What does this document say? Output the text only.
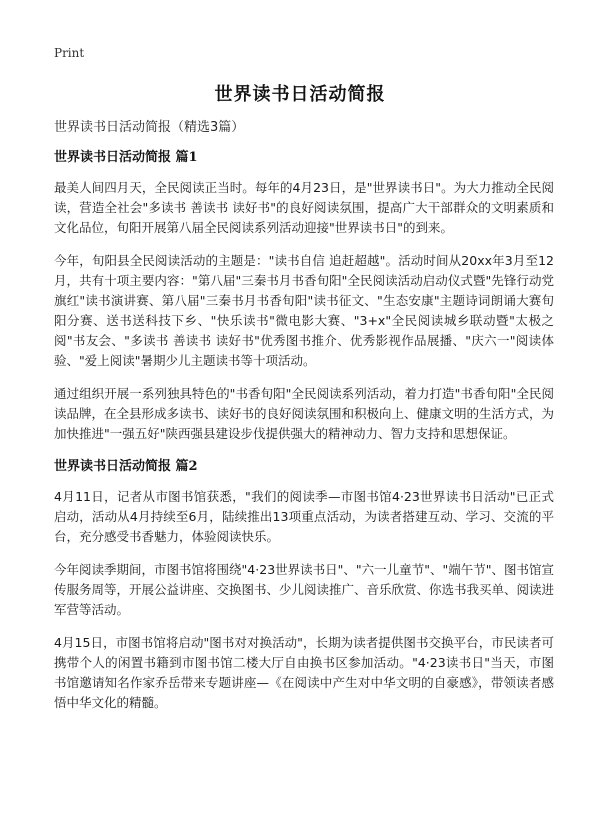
Print
世界读书日活动简报

世界读书日活动简报（精选3篇）

世界读书日活动简报 篇1

最美人间四月天，全民阅读正当时。每年的4月23日，是"世界读书日"。为大力推动全民阅读，营造全社会"多读书 善读书 读好书"的良好阅读氛围，提高广大干部群众的文明素质和文化品位，旬阳开展第八届全民阅读系列活动迎接"世界读书日"的到来。

今年，旬阳县全民阅读活动的主题是："读书自信 追赶超越"。活动时间从20xx年3月至12月，共有十项主要内容："第八届"三秦书月书香旬阳"全民阅读活动启动仪式暨"先锋行动党旗红"读书演讲赛、第八届"三秦书月书香旬阳"读书征文、"生态安康"主题诗词朗诵大赛旬阳分赛、送书送科技下乡、"快乐读书"微电影大赛、"3+x"全民阅读城乡联动暨"太极之阅"书友会、"多读书 善读书 读好书"优秀图书推介、优秀影视作品展播、"庆六一"阅读体验、"爱上阅读"暑期少儿主题读书等十项活动。

通过组织开展一系列独具特色的"书香旬阳"全民阅读系列活动，着力打造"书香旬阳"全民阅读品牌，在全县形成多读书、读好书的良好阅读氛围和积极向上、健康文明的生活方式，为加快推进"一强五好"陕西强县建设步伐提供强大的精神动力、智力支持和思想保证。

世界读书日活动简报 篇2

4月11日，记者从市图书馆获悉，"我们的阅读季—市图书馆4·23世界读书日活动"已正式启动，活动从4月持续至6月，陆续推出13项重点活动，为读者搭建互动、学习、交流的平台，充分感受书香魅力，体验阅读快乐。

今年阅读季期间，市图书馆将围绕"4·23世界读书日"、"六一儿童节"、"端午节"、图书馆宣传服务周等，开展公益讲座、交换图书、少儿阅读推广、音乐欣赏、你选书我买单、阅读进军营等活动。

4月15日，市图书馆将启动"图书对对换活动"，长期为读者提供图书交换平台，市民读者可携带个人的闲置书籍到市图书馆二楼大厅自由换书区参加活动。"4·23读书日"当天，市图书馆邀请知名作家乔岳带来专题讲座—《在阅读中产生对中华文明的自豪感》，带领读者感悟中华文化的精髓。
